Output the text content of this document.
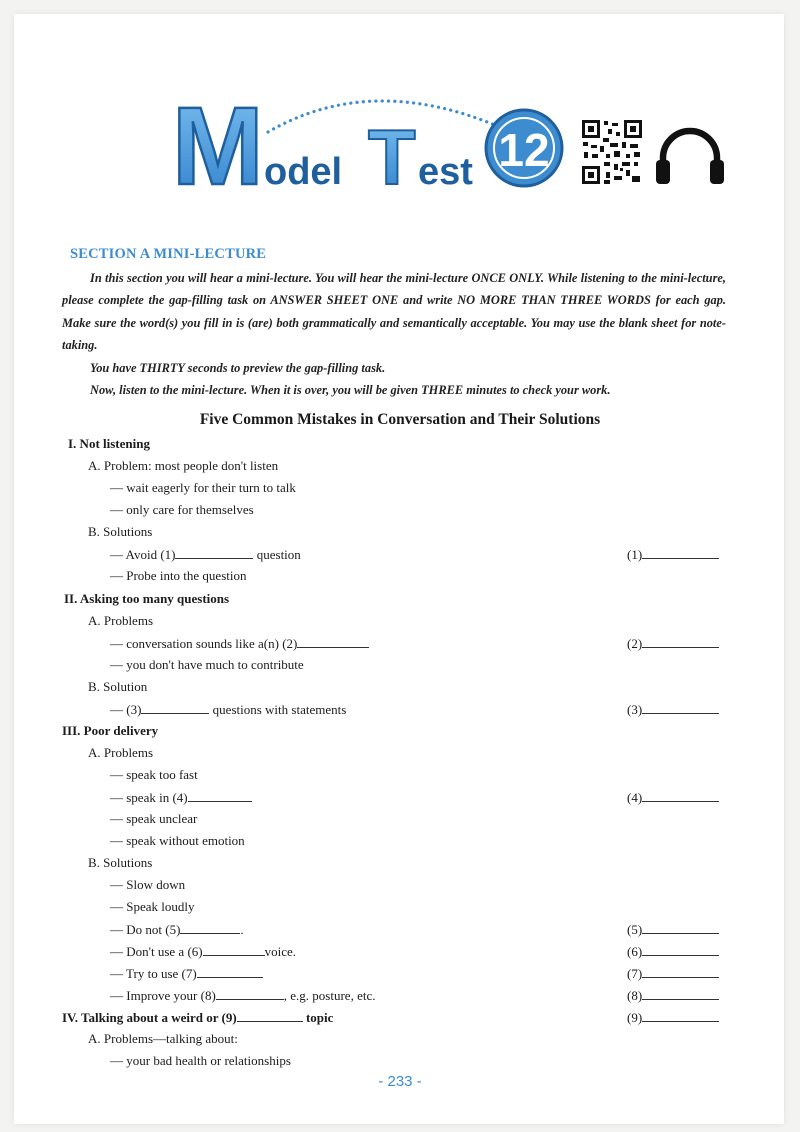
M odel T est 12
SECTION A MINI-LECTURE

In this section you will hear a mini-lecture. You will hear the mini-lecture ONCE ONLY. While listening to the mini-lecture, please complete the gap-filling task on ANSWER SHEET ONE and write NO MORE THAN THREE WORDS for each gap. Make sure the word(s) you fill in is (are) both grammatically and semantically acceptable. You may use the blank sheet for note-taking.

You have THIRTY seconds to preview the gap-filling task.

Now, listen to the mini-lecture. When it is over, you will be given THREE minutes to check your work.

Five Common Mistakes in Conversation and Their Solutions
I. Not listening
A. Problem: most people don't listen
— wait eagerly for their turn to talk
— only care for themselves
B. Solutions
— Avoid (1)	question	(1)
— Probe into the question
II. Asking too many questions
A. Problems
— conversation sounds like a(n) (2)	(2)
— you don't have much to contribute
B. Solution
— (3)	questions with statements	(3)
III. Poor delivery
A. Problems
— speak too fast
— speak in (4)	(4)
— speak unclear
— speak without emotion
B. Solutions
— Slow down
— Speak loudly
— Do not (5)	.	(5)
— Don't use a (6)	voice.	(6)
— Try to use (7)	(7)
— Improve your (8)	, e.g. posture, etc.	(8)
IV. Talking about a weird or (9)	topic	(9)
A. Problems—talking about:
— your bad health or relationships
- 233 -
